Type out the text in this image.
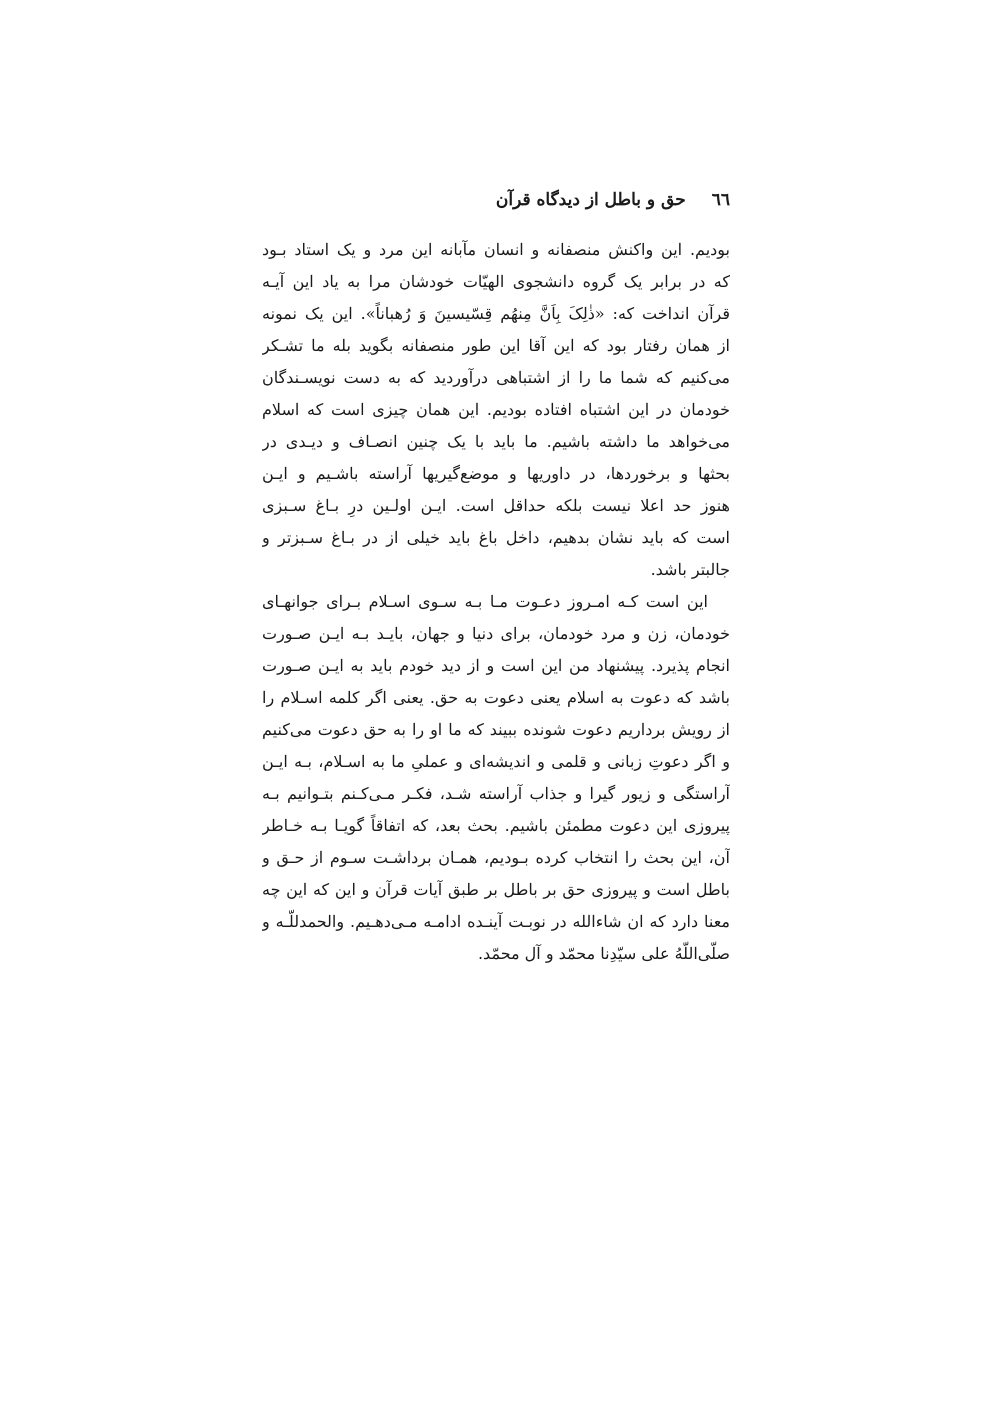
٦٦حق و باطل از دیدگاه قرآن
بودیم. این واکنش منصفانه و انسان مآبانه این مرد و یک استاد بـود
که در برابر یک گروه دانشجوی الهیّات خودشان مرا به یاد این آیـه
قرآن انداخت که: «ذٰلِکَ بِاَنَّ مِنهُم قِسّیسینَ وَ رُهباناً». این یک نمونه
از همان رفتار بود که این آقا این طور منصفانه بگوید بله ما تشـکر
می‌کنیم که شما ما را از اشتباهی درآوردید که به دست نویسـندگان
خودمان در این اشتباه افتاده بودیم. این همان چیزی است که اسلام
می‌خواهد ما داشته باشیم. ما باید با یک چنین انصـاف و دیـدی در
بحثها و برخوردها، در داوریها و موضع‌گیریها آراسته باشـیم و ایـن
هنوز حد اعلا نیست بلکه حداقل است. ایـن اولـین درِ بـاغ سـبزی
است که باید نشان بدهیم، داخل باغ باید خیلی از در بـاغ سـبزتر و
جالبتر باشد.
این است کـه امـروز دعـوت مـا بـه سـوی اسـلام بـرای جوانهـای
خودمان، زن و مرد خودمان، برای دنیا و جهان، بایـد بـه ایـن صـورت
انجام پذیرد. پیشنهاد من این است و از دید خودم باید به ایـن صـورت
باشد که دعوت به اسلام یعنی دعوت به حق. یعنی اگر کلمه اسـلام را
از رویش برداریم دعوت شونده ببیند که ما او را به حق دعوت می‌کنیم
و اگر دعوتِ زبانی و قلمی و اندیشه‌ای و عملیِ ما به اسـلام، بـه ایـن
آراستگی و زیور گیرا و جذاب آراسته شـد، فکـر مـی‌کـنم بتـوانیم بـه
پیروزی این دعوت مطمئن باشیم. بحث بعد، که اتفاقاً گویـا بـه خـاطر
آن، این بحث را انتخاب کرده بـودیم، همـان برداشـت سـوم از حـق و
باطل است و پیروزی حق بر باطل بر طبق آیات قرآن و این که این چه
معنا دارد که ان شاءالله در نوبـت آینـده ادامـه مـی‌دهـیم. والحمدللّـه و
صلّی‌اللّهُ علی سیّدِنا محمّد و آل محمّد.
